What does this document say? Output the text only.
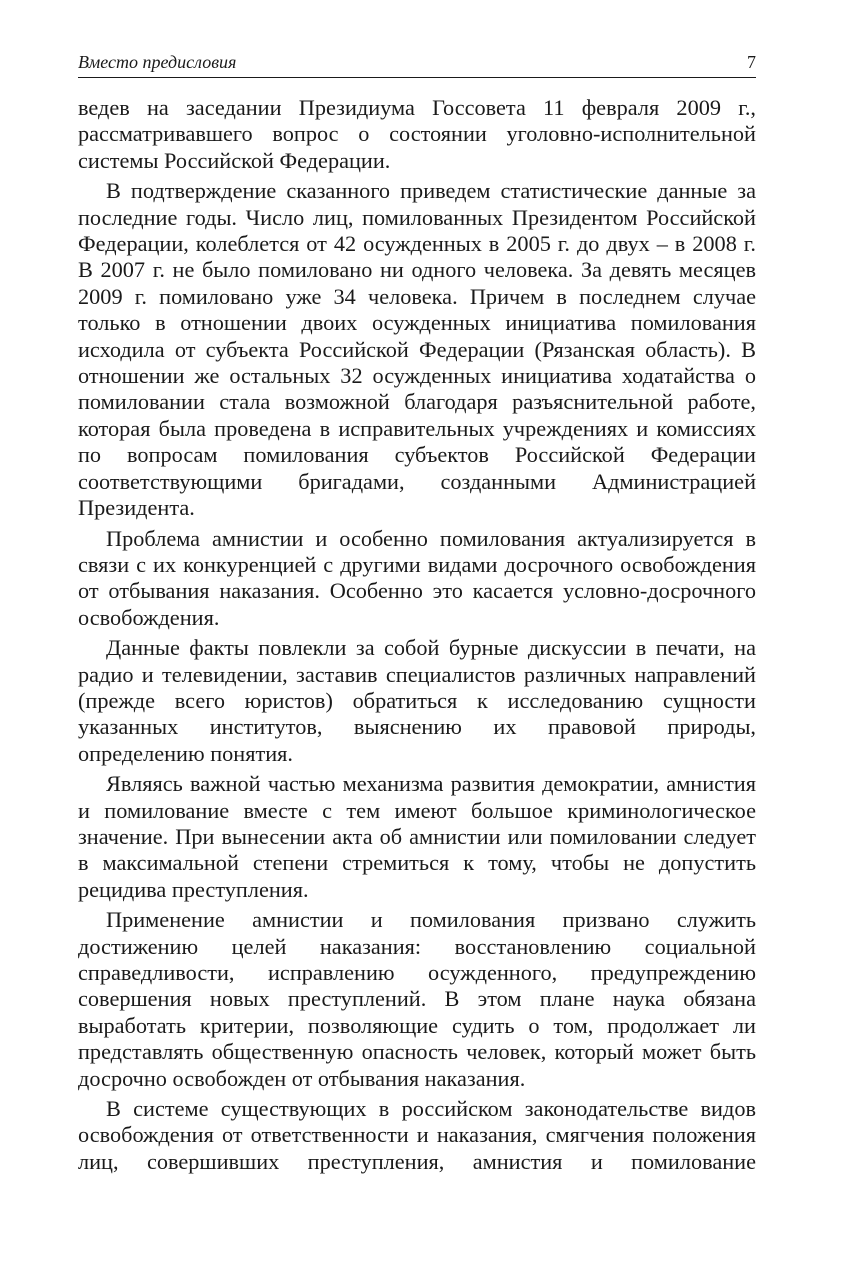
Вместо предисловия	7

ведев на заседании Президиума Госсовета 11 февраля 2009 г., рассматривавшего вопрос о состоянии уголовно-исполнительной системы Российской Федерации.

В подтверждение сказанного приведем статистические данные за последние годы. Число лиц, помилованных Президентом Российской Федерации, колеблется от 42 осужденных в 2005 г. до двух – в 2008 г. В 2007 г. не было помиловано ни одного человека. За девять месяцев 2009 г. помиловано уже 34 человека. Причем в последнем случае только в отношении двоих осужденных инициатива помилования исходила от субъекта Российской Федерации (Рязанская область). В отношении же остальных 32 осужденных инициатива ходатайства о помиловании стала возможной благодаря разъяснительной работе, которая была проведена в исправительных учреждениях и комиссиях по вопросам помилования субъектов Российской Федерации соответствующими бригадами, созданными Администрацией Президента.

Проблема амнистии и особенно помилования актуализируется в связи с их конкуренцией с другими видами досрочного освобождения от отбывания наказания. Особенно это касается условно-досрочного освобождения.

Данные факты повлекли за собой бурные дискуссии в печати, на радио и телевидении, заставив специалистов различных направлений (прежде всего юристов) обратиться к исследованию сущности указанных институтов, выяснению их правовой природы, определению понятия.

Являясь важной частью механизма развития демократии, амнистия и помилование вместе с тем имеют большое криминологическое значение. При вынесении акта об амнистии или помиловании следует в максимальной степени стремиться к тому, чтобы не допустить рецидива преступления.

Применение амнистии и помилования призвано служить достижению целей наказания: восстановлению социальной справедливости, исправлению осужденного, предупреждению совершения новых преступлений. В этом плане наука обязана выработать критерии, позволяющие судить о том, продолжает ли представлять общественную опасность человек, который может быть досрочно освобожден от отбывания наказания.

В системе существующих в российском законодательстве видов освобождения от ответственности и наказания, смягчения положения лиц, совершивших преступления, амнистия и помилование
